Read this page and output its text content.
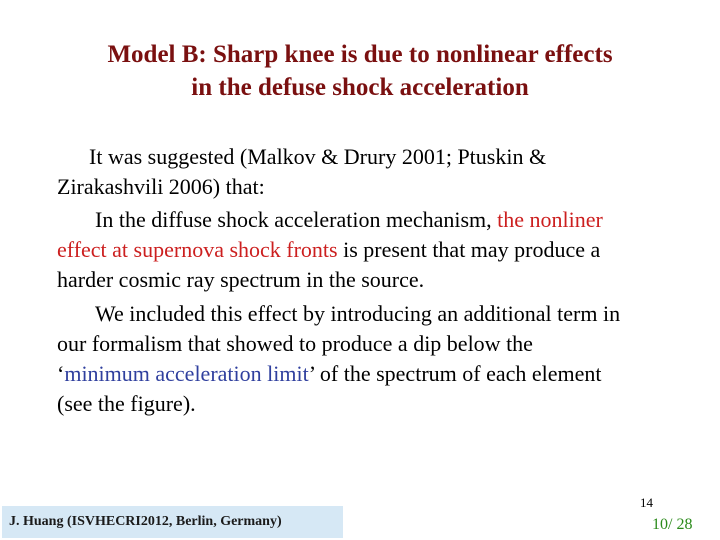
Model B: Sharp knee is due to nonlinear effects
in the defuse shock acceleration
It was suggested (Malkov & Drury 2001; Ptuskin &
Zirakashvili 2006) that:
In the diffuse shock acceleration mechanism, the nonliner
effect at supernova shock fronts is present that may produce a
harder cosmic ray spectrum in the source.
We included this effect by introducing an additional term in
our formalism that showed to produce a dip below the
‘minimum acceleration limit’ of the spectrum of each element
(see the figure).
14
J. Huang (ISVHECRI2012, Berlin, Germany)	10/ 28
